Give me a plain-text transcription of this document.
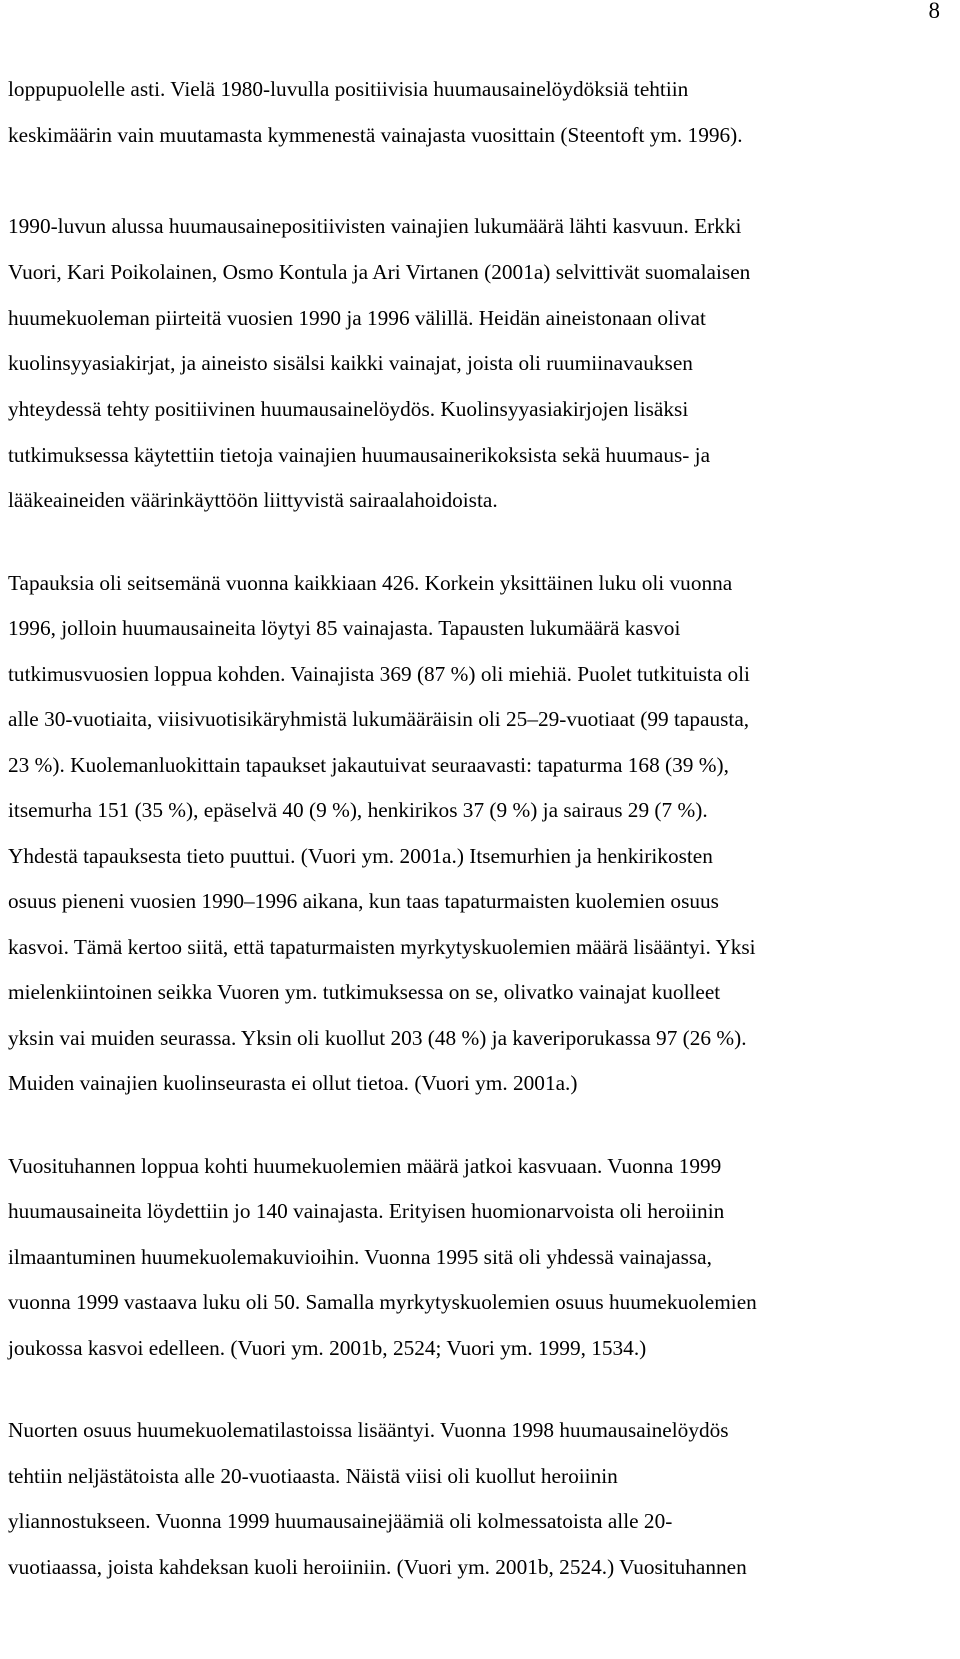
8
loppupuolelle asti. Vielä 1980-luvulla positiivisia huumausainelöydöksiä tehtiin
keskimäärin vain muutamasta kymmenestä vainajasta vuosittain (Steentoft ym. 1996).
1990-luvun alussa huumausainepositiivisten vainajien lukumäärä lähti kasvuun. Erkki
Vuori, Kari Poikolainen, Osmo Kontula ja Ari Virtanen (2001a) selvittivät suomalaisen
huumekuoleman piirteitä vuosien 1990 ja 1996 välillä. Heidän aineistonaan olivat
kuolinsyyasiakirjat, ja aineisto sisälsi kaikki vainajat, joista oli ruumiinavauksen
yhteydessä tehty positiivinen huumausainelöydös. Kuolinsyyasiakirjojen lisäksi
tutkimuksessa käytettiin tietoja vainajien huumausainerikoksista sekä huumaus- ja
lääkeaineiden väärinkäyttöön liittyvistä sairaalahoidoista.
Tapauksia oli seitsemänä vuonna kaikkiaan 426. Korkein yksittäinen luku oli vuonna
1996, jolloin huumausaineita löytyi 85 vainajasta. Tapausten lukumäärä kasvoi
tutkimusvuosien loppua kohden. Vainajista 369 (87 %) oli miehiä. Puolet tutkituista oli
alle 30-vuotiaita, viisivuotisikäryhmistä lukumääräisin oli 25–29-vuotiaat (99 tapausta,
23 %). Kuolemanluokittain tapaukset jakautuivat seuraavasti: tapaturma 168 (39 %),
itsemurha 151 (35 %), epäselvä 40 (9 %), henkirikos 37 (9 %) ja sairaus 29 (7 %).
Yhdestä tapauksesta tieto puuttui. (Vuori ym. 2001a.) Itsemurhien ja henkirikosten
osuus pieneni vuosien 1990–1996 aikana, kun taas tapaturmaisten kuolemien osuus
kasvoi. Tämä kertoo siitä, että tapaturmaisten myrkytyskuolemien määrä lisääntyi. Yksi
mielenkiintoinen seikka Vuoren ym. tutkimuksessa on se, olivatko vainajat kuolleet
yksin vai muiden seurassa. Yksin oli kuollut 203 (48 %) ja kaveriporukassa 97 (26 %).
Muiden vainajien kuolinseurasta ei ollut tietoa. (Vuori ym. 2001a.)
Vuosituhannen loppua kohti huumekuolemien määrä jatkoi kasvuaan. Vuonna 1999
huumausaineita löydettiin jo 140 vainajasta. Erityisen huomionarvoista oli heroiinin
ilmaantuminen huumekuolemakuvioihin. Vuonna 1995 sitä oli yhdessä vainajassa,
vuonna 1999 vastaava luku oli 50. Samalla myrkytyskuolemien osuus huumekuolemien
joukossa kasvoi edelleen. (Vuori ym. 2001b, 2524; Vuori ym. 1999, 1534.)
Nuorten osuus huumekuolematilastoissa lisääntyi. Vuonna 1998 huumausainelöydös
tehtiin neljästätoista alle 20-vuotiaasta. Näistä viisi oli kuollut heroiinin
yliannostukseen. Vuonna 1999 huumausainejäämiä oli kolmessatoista alle 20-
vuotiaassa, joista kahdeksan kuoli heroiiniin. (Vuori ym. 2001b, 2524.) Vuosituhannen
